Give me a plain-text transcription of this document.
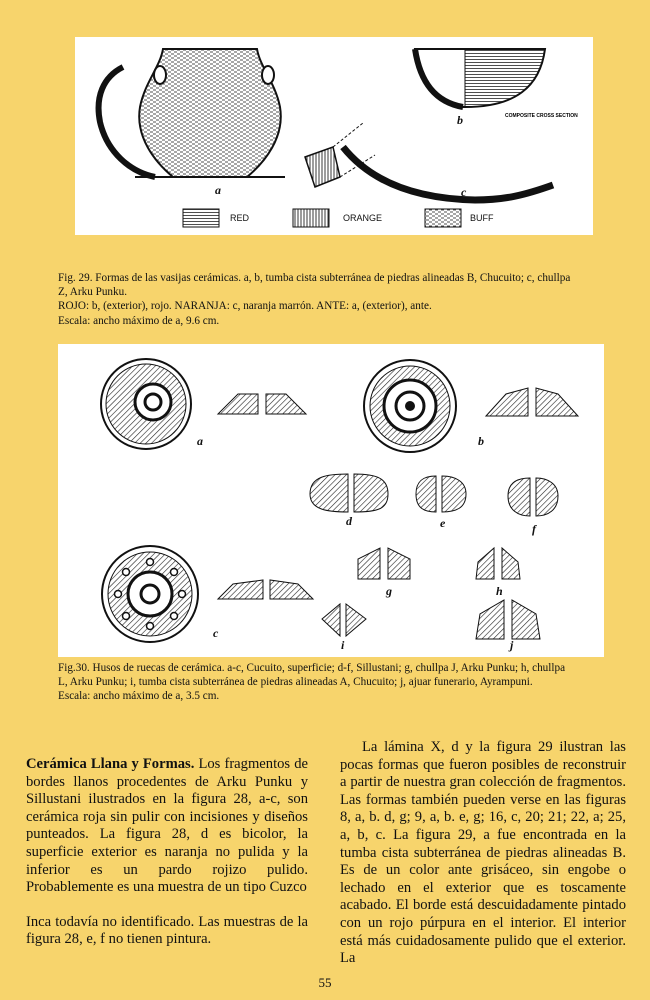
COMPOSITE CROSS SECTION
a
b
c
RED	ORANGE	BUFF
Fig. 29. Formas de las vasijas cerámicas. a, b, tumba cista subterránea de piedras alineadas B, Chucuito; c, chullpa
Z, Arku Punku.
ROJO: b, (exterior), rojo. NARANJA: c, naranja marrón. ANTE: a, (exterior), ante.
Escala: ancho máximo de a, 9.6 cm.
a	b
c
d	e	f
g	h
i	j
Fig.30. Husos de ruecas de cerámica. a-c, Cucuito, superficie; d-f, Sillustani; g, chullpa J, Arku Punku; h, chullpa
L, Arku Punku; i, tumba cista subterránea de piedras alineadas A, Chucuito; j, ajuar funerario, Ayrampuni.
Escala: ancho máximo de a, 3.5 cm.

Cerámica Llana y Formas. Los fragmentos de bordes llanos procedentes de Arku Punku y Sillustani ilustrados en la figura 28, a-c, son cerámica roja sin pulir con incisiones y diseños punteados. La figura 28, d es bicolor, la superficie exterior es naranja no pulida y la inferior es un pardo rojizo pulido. Probablemente es una muestra de un tipo Cuzco

Inca todavía no identificado. Las muestras de la figura 28, e, f no tienen pintura.

La lámina X, d y la figura 29 ilustran las pocas formas que fueron posibles de reconstruir a partir de nuestra gran colección de fragmentos. Las formas también pueden verse en las figuras 8, a, b. d, g; 9, a, b. e, g; 16, c, 20; 21; 22, a; 25, a, b, c. La figura 29, a fue encontrada en la tumba cista subterránea de piedras alineadas B. Es de un color ante grisáceo, sin engobe o lechado en el exterior que es toscamente acabado. El borde está descuidadamente pintado con un rojo púrpura en el interior. El interior está más cuidadosamente pulido que el exterior. La

55
